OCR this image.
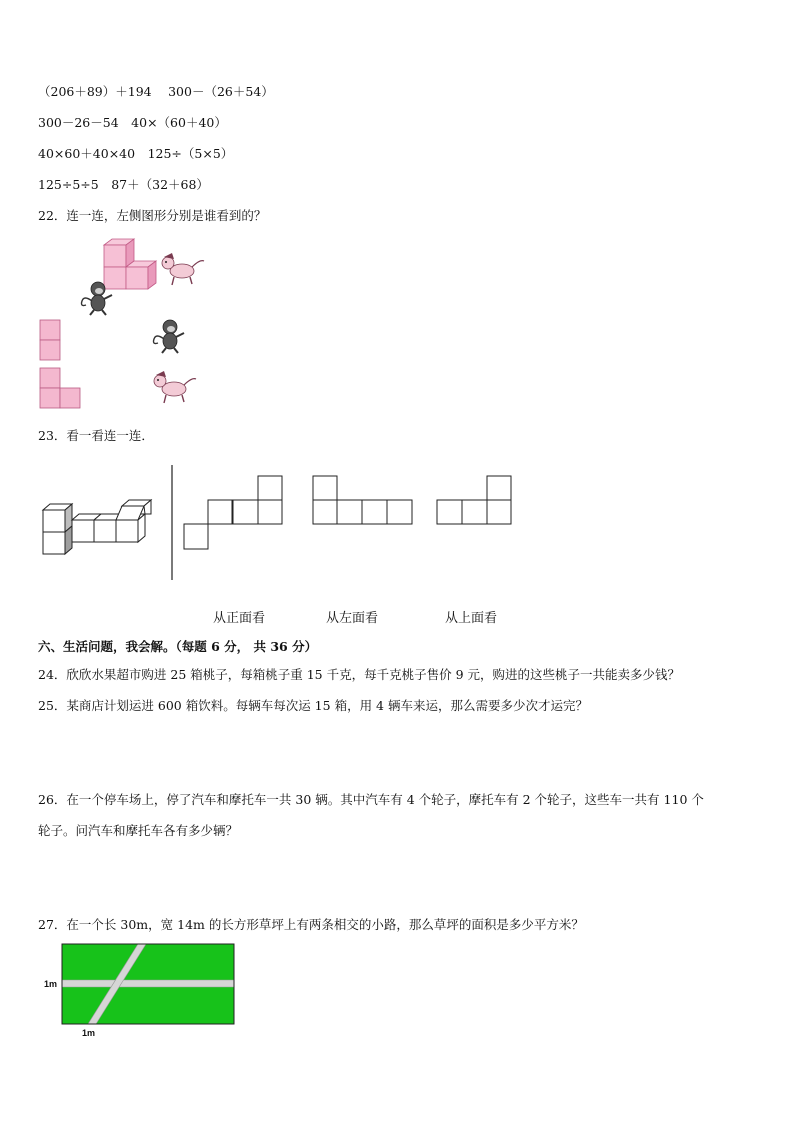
（206＋89）＋194　 300－（26＋54）
300－26－54　40×（60＋40）
40×60＋40×40　125÷（5×5）
125÷5÷5　87＋（32＋68）
22．连一连，左侧图形分别是谁看到的？
23．看一看连一连．
从正面看	从左面看	从上面看
六、生活问题，我会解。（每题 6 分， 共 36 分）
24．欣欣水果超市购进 25 箱桃子，每箱桃子重 15 千克，每千克桃子售价 9 元，购进的这些桃子一共能卖多少钱？
25．某商店计划运进 600 箱饮料。每辆车每次运 15 箱，用 4 辆车来运，那么需要多少次才运完？
26．在一个停车场上，停了汽车和摩托车一共 30 辆。其中汽车有 4 个轮子，摩托车有 2 个轮子，这些车一共有 110 个
轮子。问汽车和摩托车各有多少辆？
27．在一个长 30m，宽 14m 的长方形草坪上有两条相交的小路，那么草坪的面积是多少平方米？
1m
1m
